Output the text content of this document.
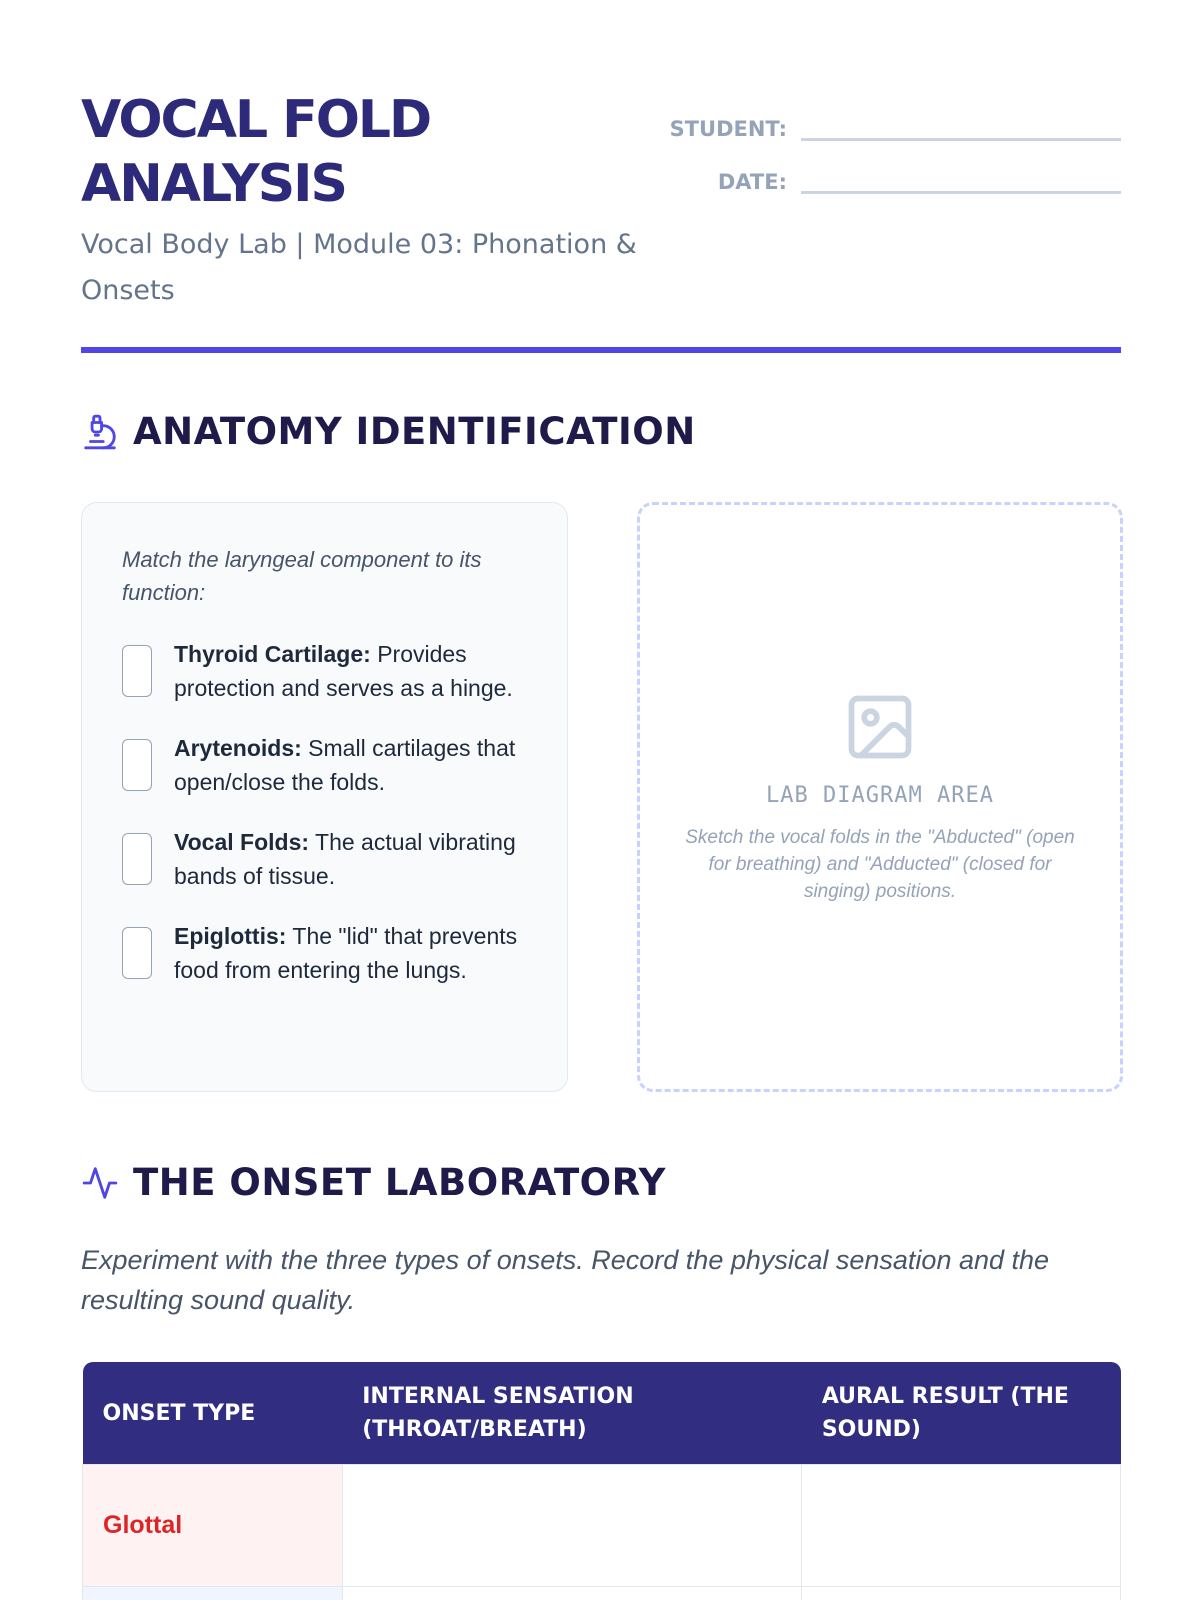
VOCAL FOLD ANALYSIS
Vocal Body Lab | Module 03: Phonation & Onsets
STUDENT:
DATE:
ANATOMY IDENTIFICATION

Match the laryngeal component to its function:

Thyroid Cartilage: Provides protection and serves as a hinge.
Arytenoids: Small cartilages that open/close the folds.
Vocal Folds: The actual vibrating bands of tissue.
Epiglottis: The "lid" that prevents food from entering the lungs.
LAB DIAGRAM AREA
Sketch the vocal folds in the "Abducted" (open for breathing) and "Adducted" (closed for singing) positions.
THE ONSET LABORATORY

Experiment with the three types of onsets. Record the physical sensation and the resulting sound quality.

ONSET TYPE	INTERNAL SENSATION (THROAT/BREATH)	AURAL RESULT (THE SOUND)
Glottal		
